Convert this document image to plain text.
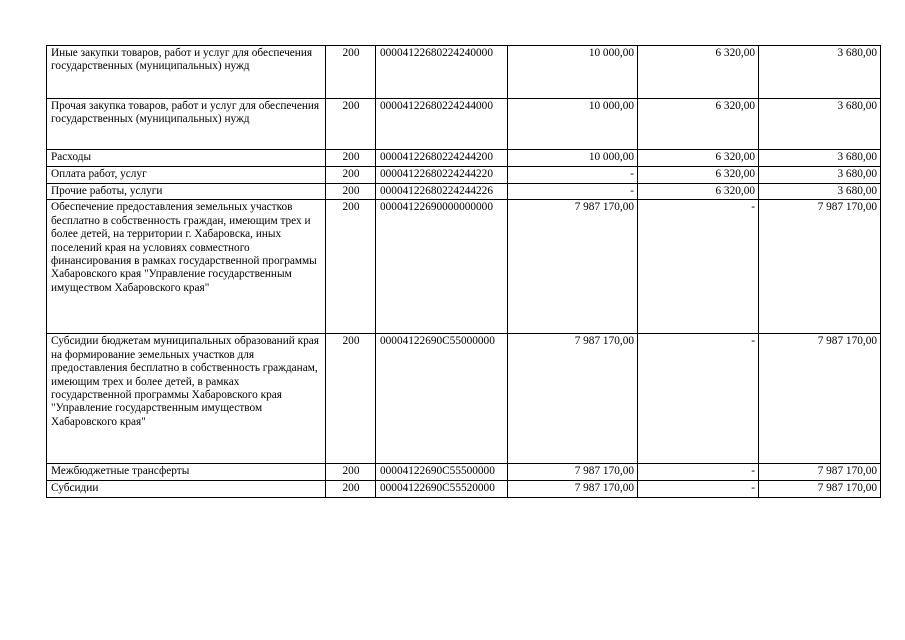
Иные закупки товаров, работ и услуг для обеспечения государственных (муниципальных) нужд	200	00004122680224240000	10 000,00	6 320,00	3 680,00
Прочая закупка товаров, работ и услуг для обеспечения государственных (муниципальных) нужд	200	00004122680224244000	10 000,00	6 320,00	3 680,00
Расходы	200	00004122680224244200	10 000,00	6 320,00	3 680,00
Оплата работ, услуг	200	00004122680224244220	-	6 320,00	3 680,00
Прочие работы, услуги	200	00004122680224244226	-	6 320,00	3 680,00
Обеспечение предоставления земельных участков бесплатно в собственность граждан, имеющим трех и более детей, на территории г. Хабаровска, иных поселений края на условиях совместного финансирования в рамках государственной программы Хабаровского края "Управление государственным имуществом Хабаровского края"	200	00004122690000000000	7 987 170,00	-	7 987 170,00
Субсидии бюджетам муниципальных образований края на формирование земельных участков для предоставления бесплатно в собственность гражданам, имеющим трех и более детей, в рамках государственной программы Хабаровского края "Управление государственным имуществом Хабаровского края"	200	00004122690С55000000	7 987 170,00	-	7 987 170,00
Межбюджетные трансферты	200	00004122690С55500000	7 987 170,00	-	7 987 170,00
Субсидии	200	00004122690С55520000	7 987 170,00	-	7 987 170,00
